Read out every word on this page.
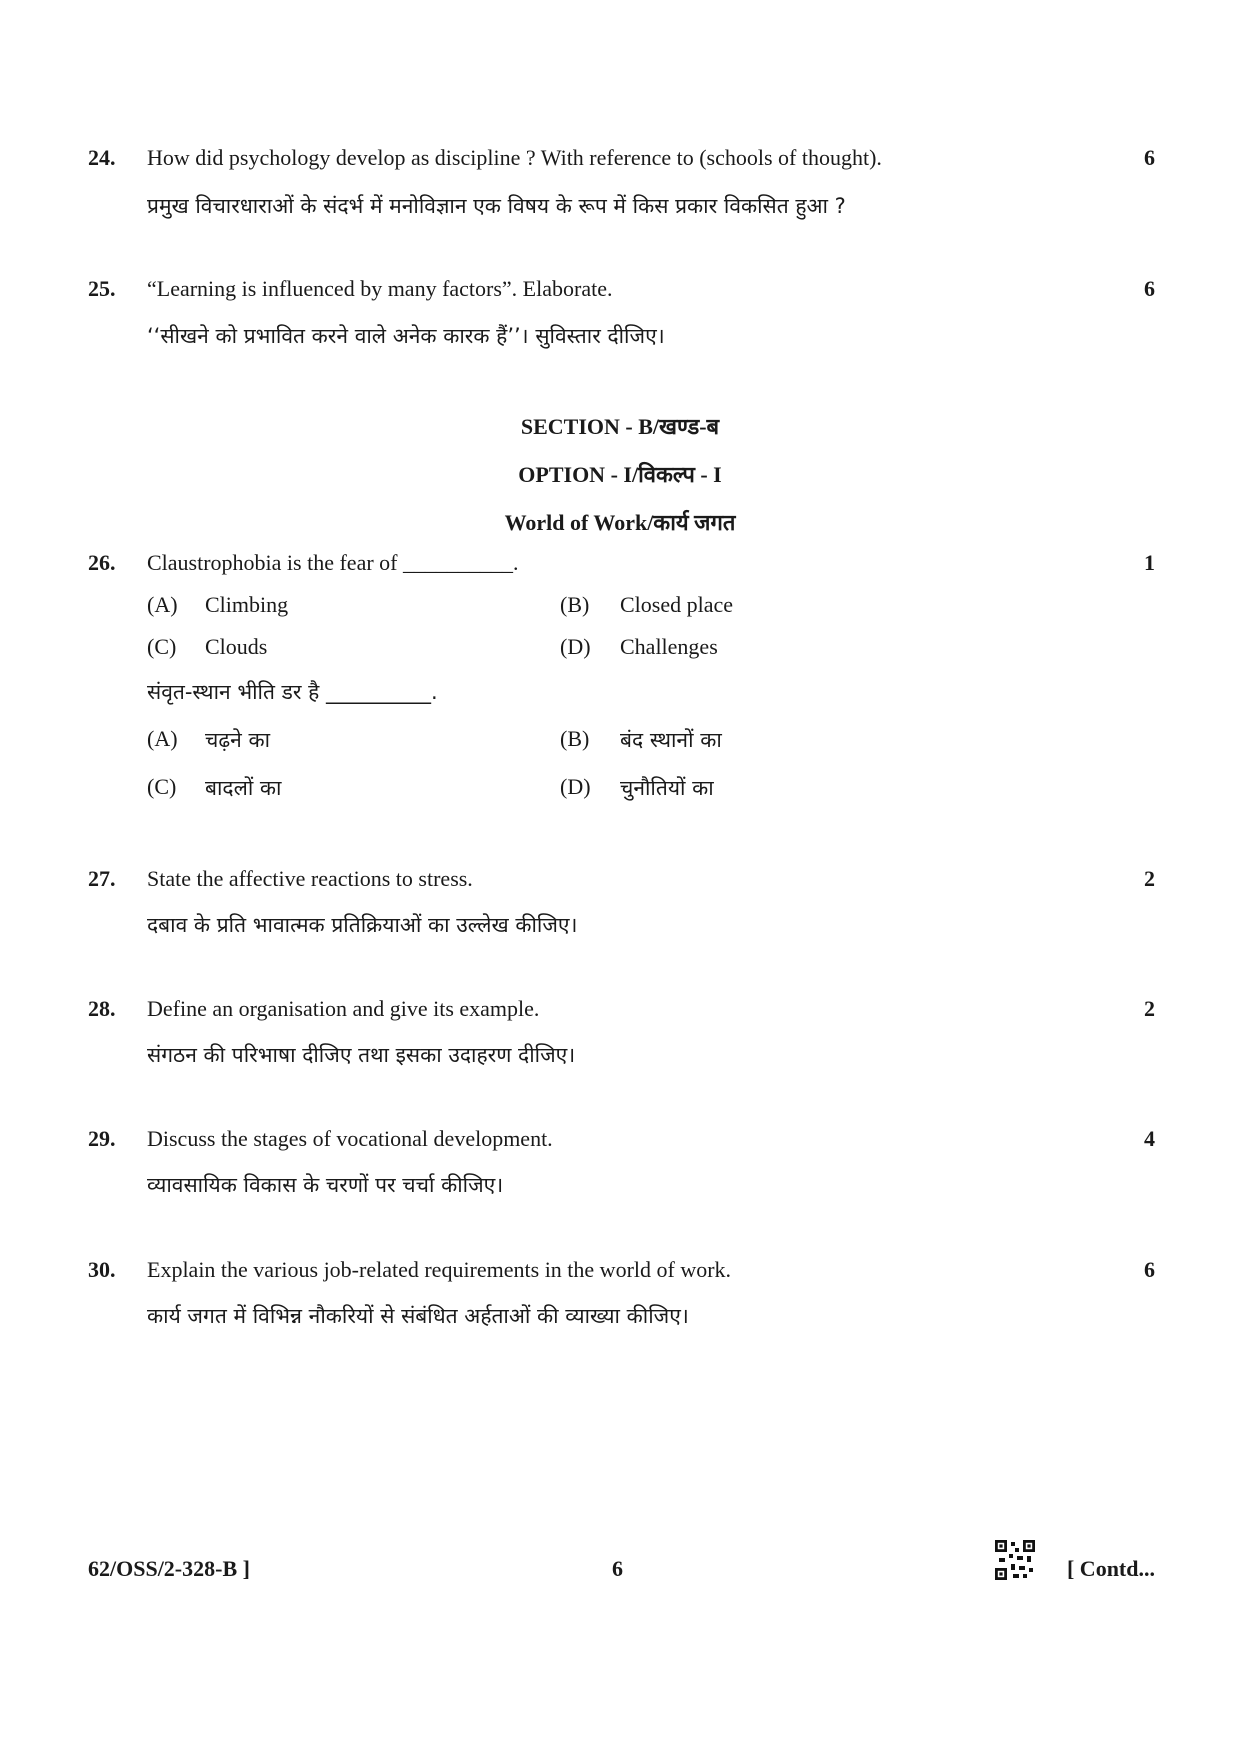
24. How did psychology develop as discipline ? With reference to (schools of thought).	6
प्रमुख विचारधाराओं के संदर्भ में मनोविज्ञान एक विषय के रूप में किस प्रकार विकसित हुआ ?
25. “Learning is influenced by many factors”. Elaborate.	6
‘‘सीखने को प्रभावित करने वाले अनेक कारक हैं’’। सुविस्तार दीजिए।
SECTION - B/खण्ड-ब
OPTION - I/विकल्प - I
World of Work/कार्य जगत
26. Claustrophobia is the fear of __________.	1
(A) Climbing	(B) Closed place
(C) Clouds	(D) Challenges
संवृत-स्थान भीति डर है __________.
(A) चढ़ने का	(B) बंद स्थानों का
(C) बादलों का	(D) चुनौतियों का
27. State the affective reactions to stress.	2
दबाव के प्रति भावात्मक प्रतिक्रियाओं का उल्लेख कीजिए।
28. Define an organisation and give its example.	2
संगठन की परिभाषा दीजिए तथा इसका उदाहरण दीजिए।
29. Discuss the stages of vocational development.	4
व्यावसायिक विकास के चरणों पर चर्चा कीजिए।
30. Explain the various job-related requirements in the world of work.	6
कार्य जगत में विभिन्न नौकरियों से संबंधित अर्हताओं की व्याख्या कीजिए।
62/OSS/2-328-B ]	6	[ Contd...
